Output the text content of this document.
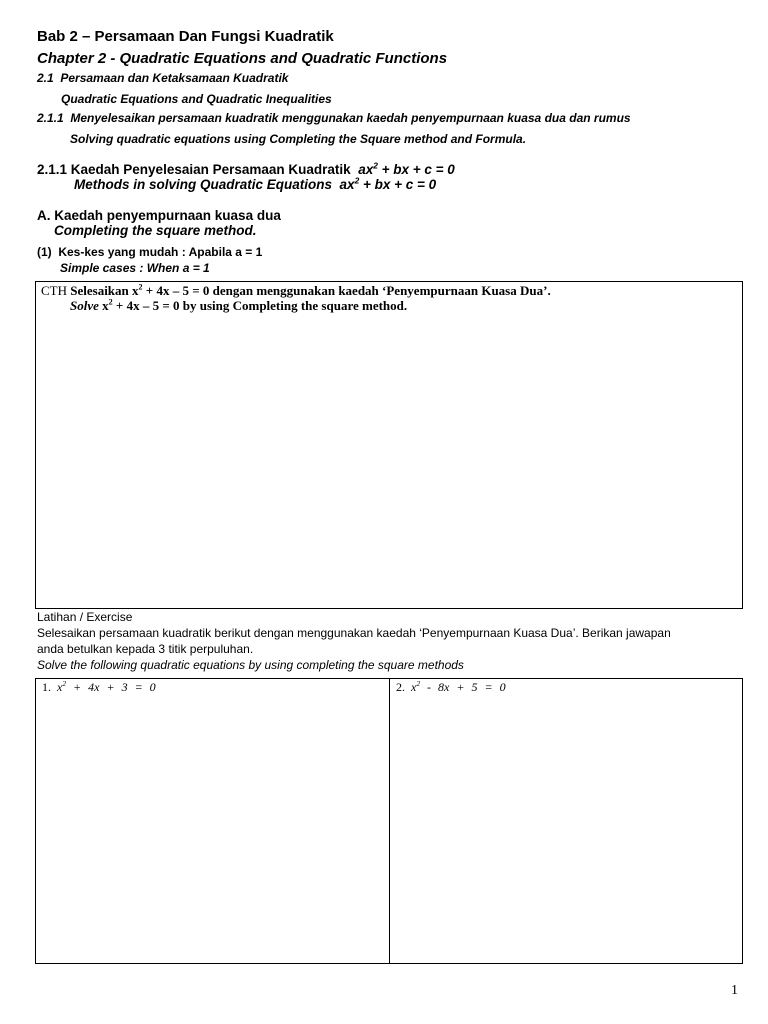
Bab 2 – Persamaan Dan Fungsi Kuadratik
Chapter 2 - Quadratic Equations and Quadratic Functions
2.1 Persamaan dan Ketaksamaan Kuadratik
Quadratic Equations and Quadratic Inequalities
2.1.1 Menyelesaikan persamaan kuadratik menggunakan kaedah penyempurnaan kuasa dua dan rumus
Solving quadratic equations using Completing the Square method and Formula.
2.1.1 Kaedah Penyelesaian Persamaan Kuadratik $ax^2$ + bx + c = 0
Methods in solving Quadratic Equations $ax^2$ + bx + c = 0
A. Kaedah penyempurnaan kuasa dua
Completing the square method.
(1) Kes-kes yang mudah : Apabila a = 1
Simple cases : When a = 1
CTH Selesaikan $x^2 + 4x - 5 = 0$ dengan menggunakan kaedah ‘Penyempurnaan Kuasa Dua’.
Solve $x^2 + 4x - 5 = 0$ by using Completing the square method.
Latihan / Exercise
Selesaikan persamaan kuadratik berikut dengan menggunakan kaedah ‘Penyempurnaan Kuasa Dua’. Berikan jawapan
anda betulkan kepada 3 titik perpuluhan.
Solve the following quadratic equations by using completing the square methods
1. $x^2 + 4x + 3 = 0$	2. $x^2 - 8x + 5 = 0$
1
